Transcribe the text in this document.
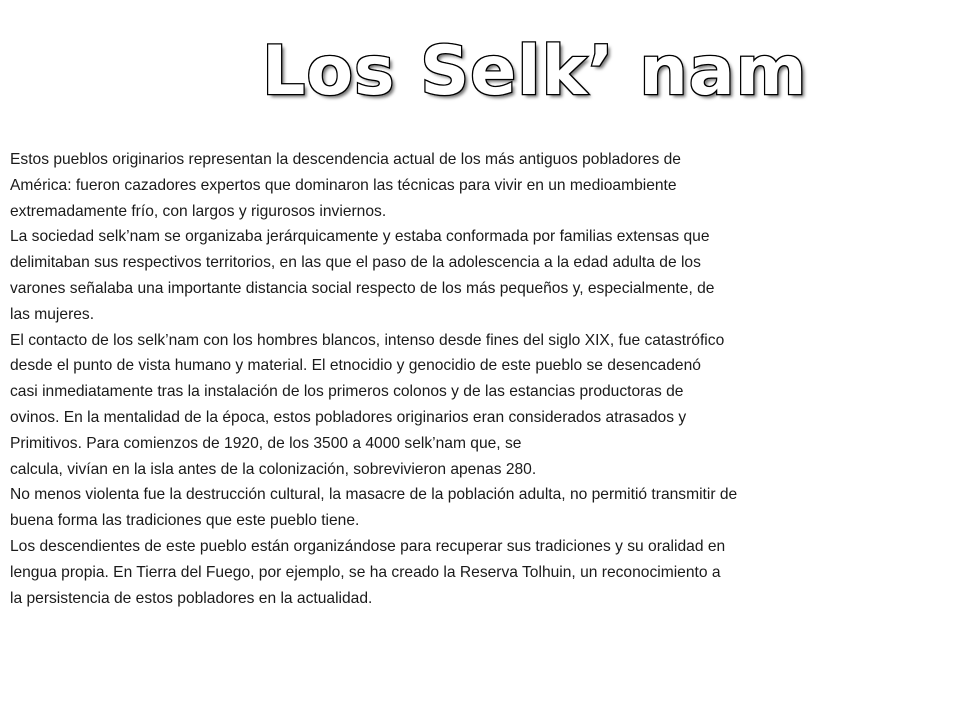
Los Selk’ nam
Estos pueblos originarios representan la descendencia actual de los más antiguos pobladores de
América: fueron cazadores expertos que dominaron las técnicas para vivir en un medioambiente
extremadamente frío, con largos y rigurosos inviernos.
La sociedad selk’nam se organizaba jerárquicamente y estaba conformada por familias extensas que
delimitaban sus respectivos territorios, en las que el paso de la adolescencia a la edad adulta de los
varones señalaba una importante distancia social respecto de los más pequeños y, especialmente, de
las mujeres.
El contacto de los selk’nam con los hombres blancos, intenso desde fines del siglo XIX, fue catastrófico
desde el punto de vista humano y material. El etnocidio y genocidio de este pueblo se desencadenó
casi inmediatamente tras la instalación de los primeros colonos y de las estancias productoras de
ovinos. En la mentalidad de la época, estos pobladores originarios eran considerados atrasados y
Primitivos. Para comienzos de 1920, de los 3500 a 4000 selk’nam que, se
calcula, vivían en la isla antes de la colonización, sobrevivieron apenas 280.
No menos violenta fue la destrucción cultural, la masacre de la población adulta, no permitió transmitir de
buena forma las tradiciones que este pueblo tiene.
Los descendientes de este pueblo están organizándose para recuperar sus tradiciones y su oralidad en
lengua propia. En Tierra del Fuego, por ejemplo, se ha creado la Reserva Tolhuin, un reconocimiento a
la persistencia de estos pobladores en la actualidad.
